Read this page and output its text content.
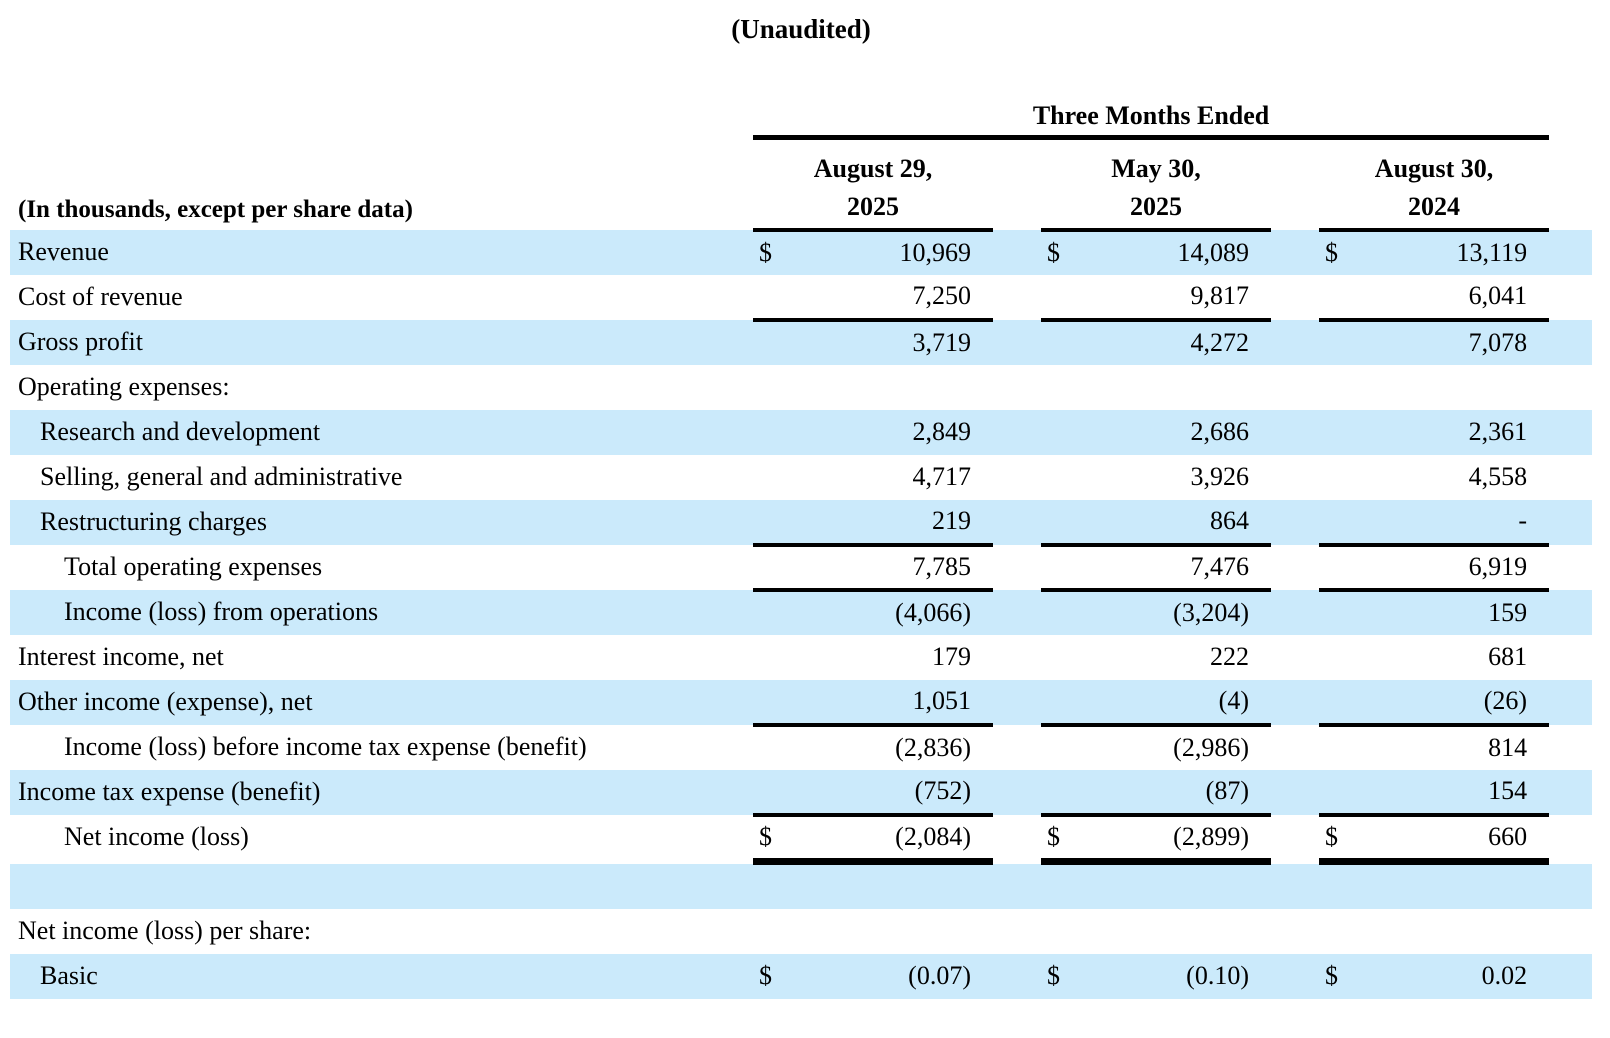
(Unaudited)
	Three Months Ended								
	August 29,			May 30,			August 30,		
(In thousands, except per share data)	2025			2025			2024		
Revenue	$	10,969		$	14,089		$	13,119	
Cost of revenue		7,250			9,817			6,041	
Gross profit		3,719			4,272			7,078	
Operating expenses:									
Research and development		2,849			2,686			2,361	
Selling, general and administrative		4,717			3,926			4,558	
Restructuring charges		219			864			-	
Total operating expenses		7,785			7,476			6,919	
Income (loss) from operations		(4,066)			(3,204)			159	
Interest income, net		179			222			681	
Other income (expense), net		1,051			(4)			(26)	
Income (loss) before income tax expense (benefit)		(2,836)			(2,986)			814	
Income tax expense (benefit)		(752)			(87)			154	
Net income (loss)	$	(2,084)		$	(2,899)		$	660	

Net income (loss) per share:									
Basic	$	(0.07)		$	(0.10)		$	0.02	
